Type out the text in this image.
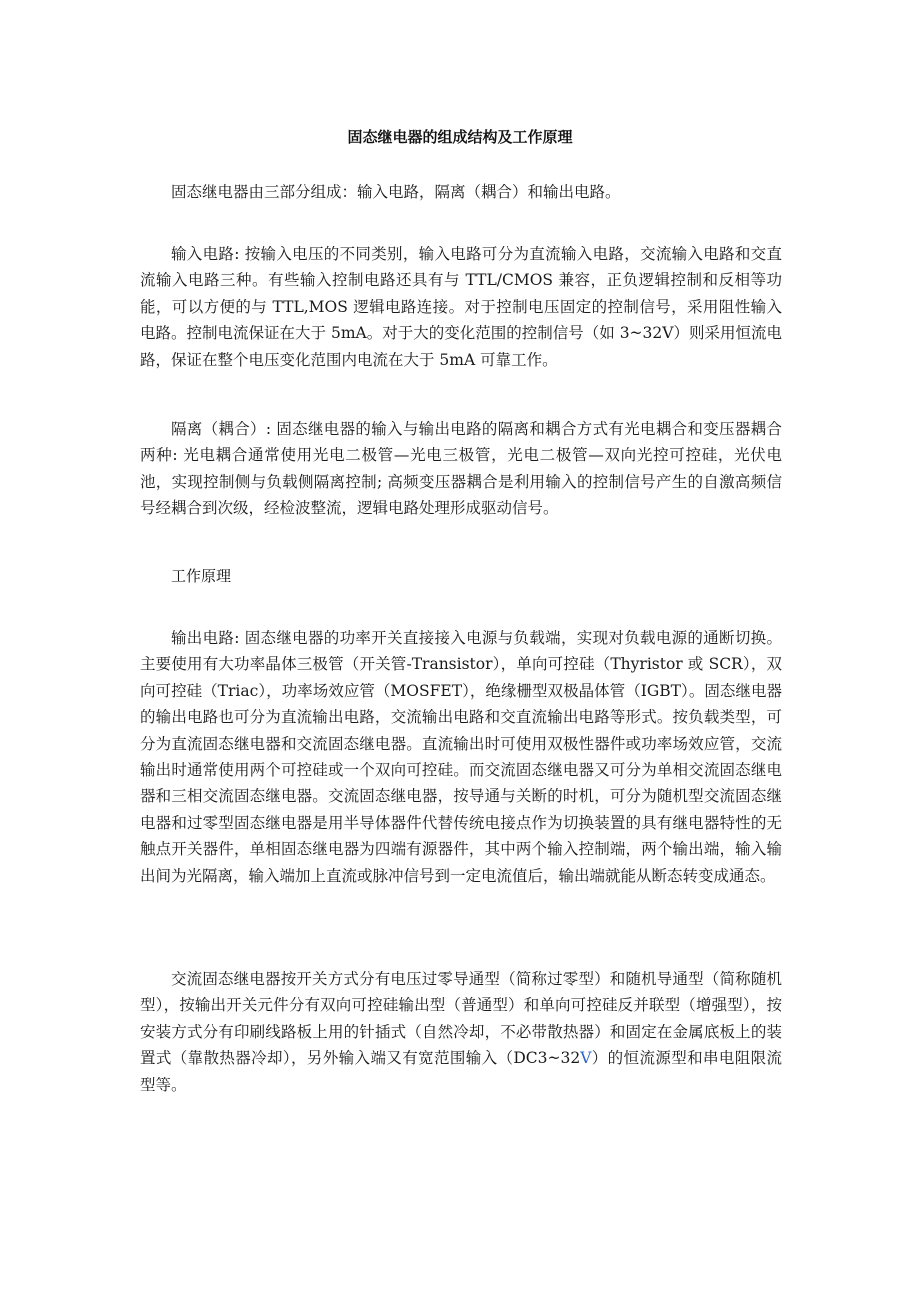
固态继电器的组成结构及工作原理

固态继电器由三部分组成：输入电路，隔离（耦合）和输出电路。

输入电路: 按输入电压的不同类别，输入电路可分为直流输入电路，交流输入电路和交直流输入电路三种。有些输入控制电路还具有与 TTL/CMOS 兼容，正负逻辑控制和反相等功能，可以方便的与 TTL,MOS 逻辑电路连接。对于控制电压固定的控制信号，采用阻性输入电路。控制电流保证在大于 5mA。对于大的变化范围的控制信号（如 3~32V）则采用恒流电路，保证在整个电压变化范围内电流在大于 5mA 可靠工作。

隔离（耦合）: 固态继电器的输入与输出电路的隔离和耦合方式有光电耦合和变压器耦合两种: 光电耦合通常使用光电二极管—光电三极管，光电二极管—双向光控可控硅，光伏电池，实现控制侧与负载侧隔离控制; 高频变压器耦合是利用输入的控制信号产生的自激高频信号经耦合到次级，经检波整流，逻辑电路处理形成驱动信号。

工作原理

输出电路: 固态继电器的功率开关直接接入电源与负载端，实现对负载电源的通断切换。主要使用有大功率晶体三极管（开关管-Transistor），单向可控硅（Thyristor 或 SCR），双向可控硅（Triac），功率场效应管（MOSFET），绝缘栅型双极晶体管（IGBT）。固态继电器的输出电路也可分为直流输出电路，交流输出电路和交直流输出电路等形式。按负载类型，可分为直流固态继电器和交流固态继电器。直流输出时可使用双极性器件或功率场效应管，交流输出时通常使用两个可控硅或一个双向可控硅。而交流固态继电器又可分为单相交流固态继电器和三相交流固态继电器。交流固态继电器，按导通与关断的时机，可分为随机型交流固态继电器和过零型固态继电器是用半导体器件代替传统电接点作为切换装置的具有继电器特性的无触点开关器件，单相固态继电器为四端有源器件，其中两个输入控制端，两个输出端，输入输出间为光隔离，输入端加上直流或脉冲信号到一定电流值后，输出端就能从断态转变成通态。

交流固态继电器按开关方式分有电压过零导通型（简称过零型）和随机导通型（简称随机型），按输出开关元件分有双向可控硅输出型（普通型）和单向可控硅反并联型（增强型），按安装方式分有印刷线路板上用的针插式（自然冷却，不必带散热器）和固定在金属底板上的装置式（靠散热器冷却），另外输入端又有宽范围输入（DC3~32V）的恒流源型和串电阻限流型等。
